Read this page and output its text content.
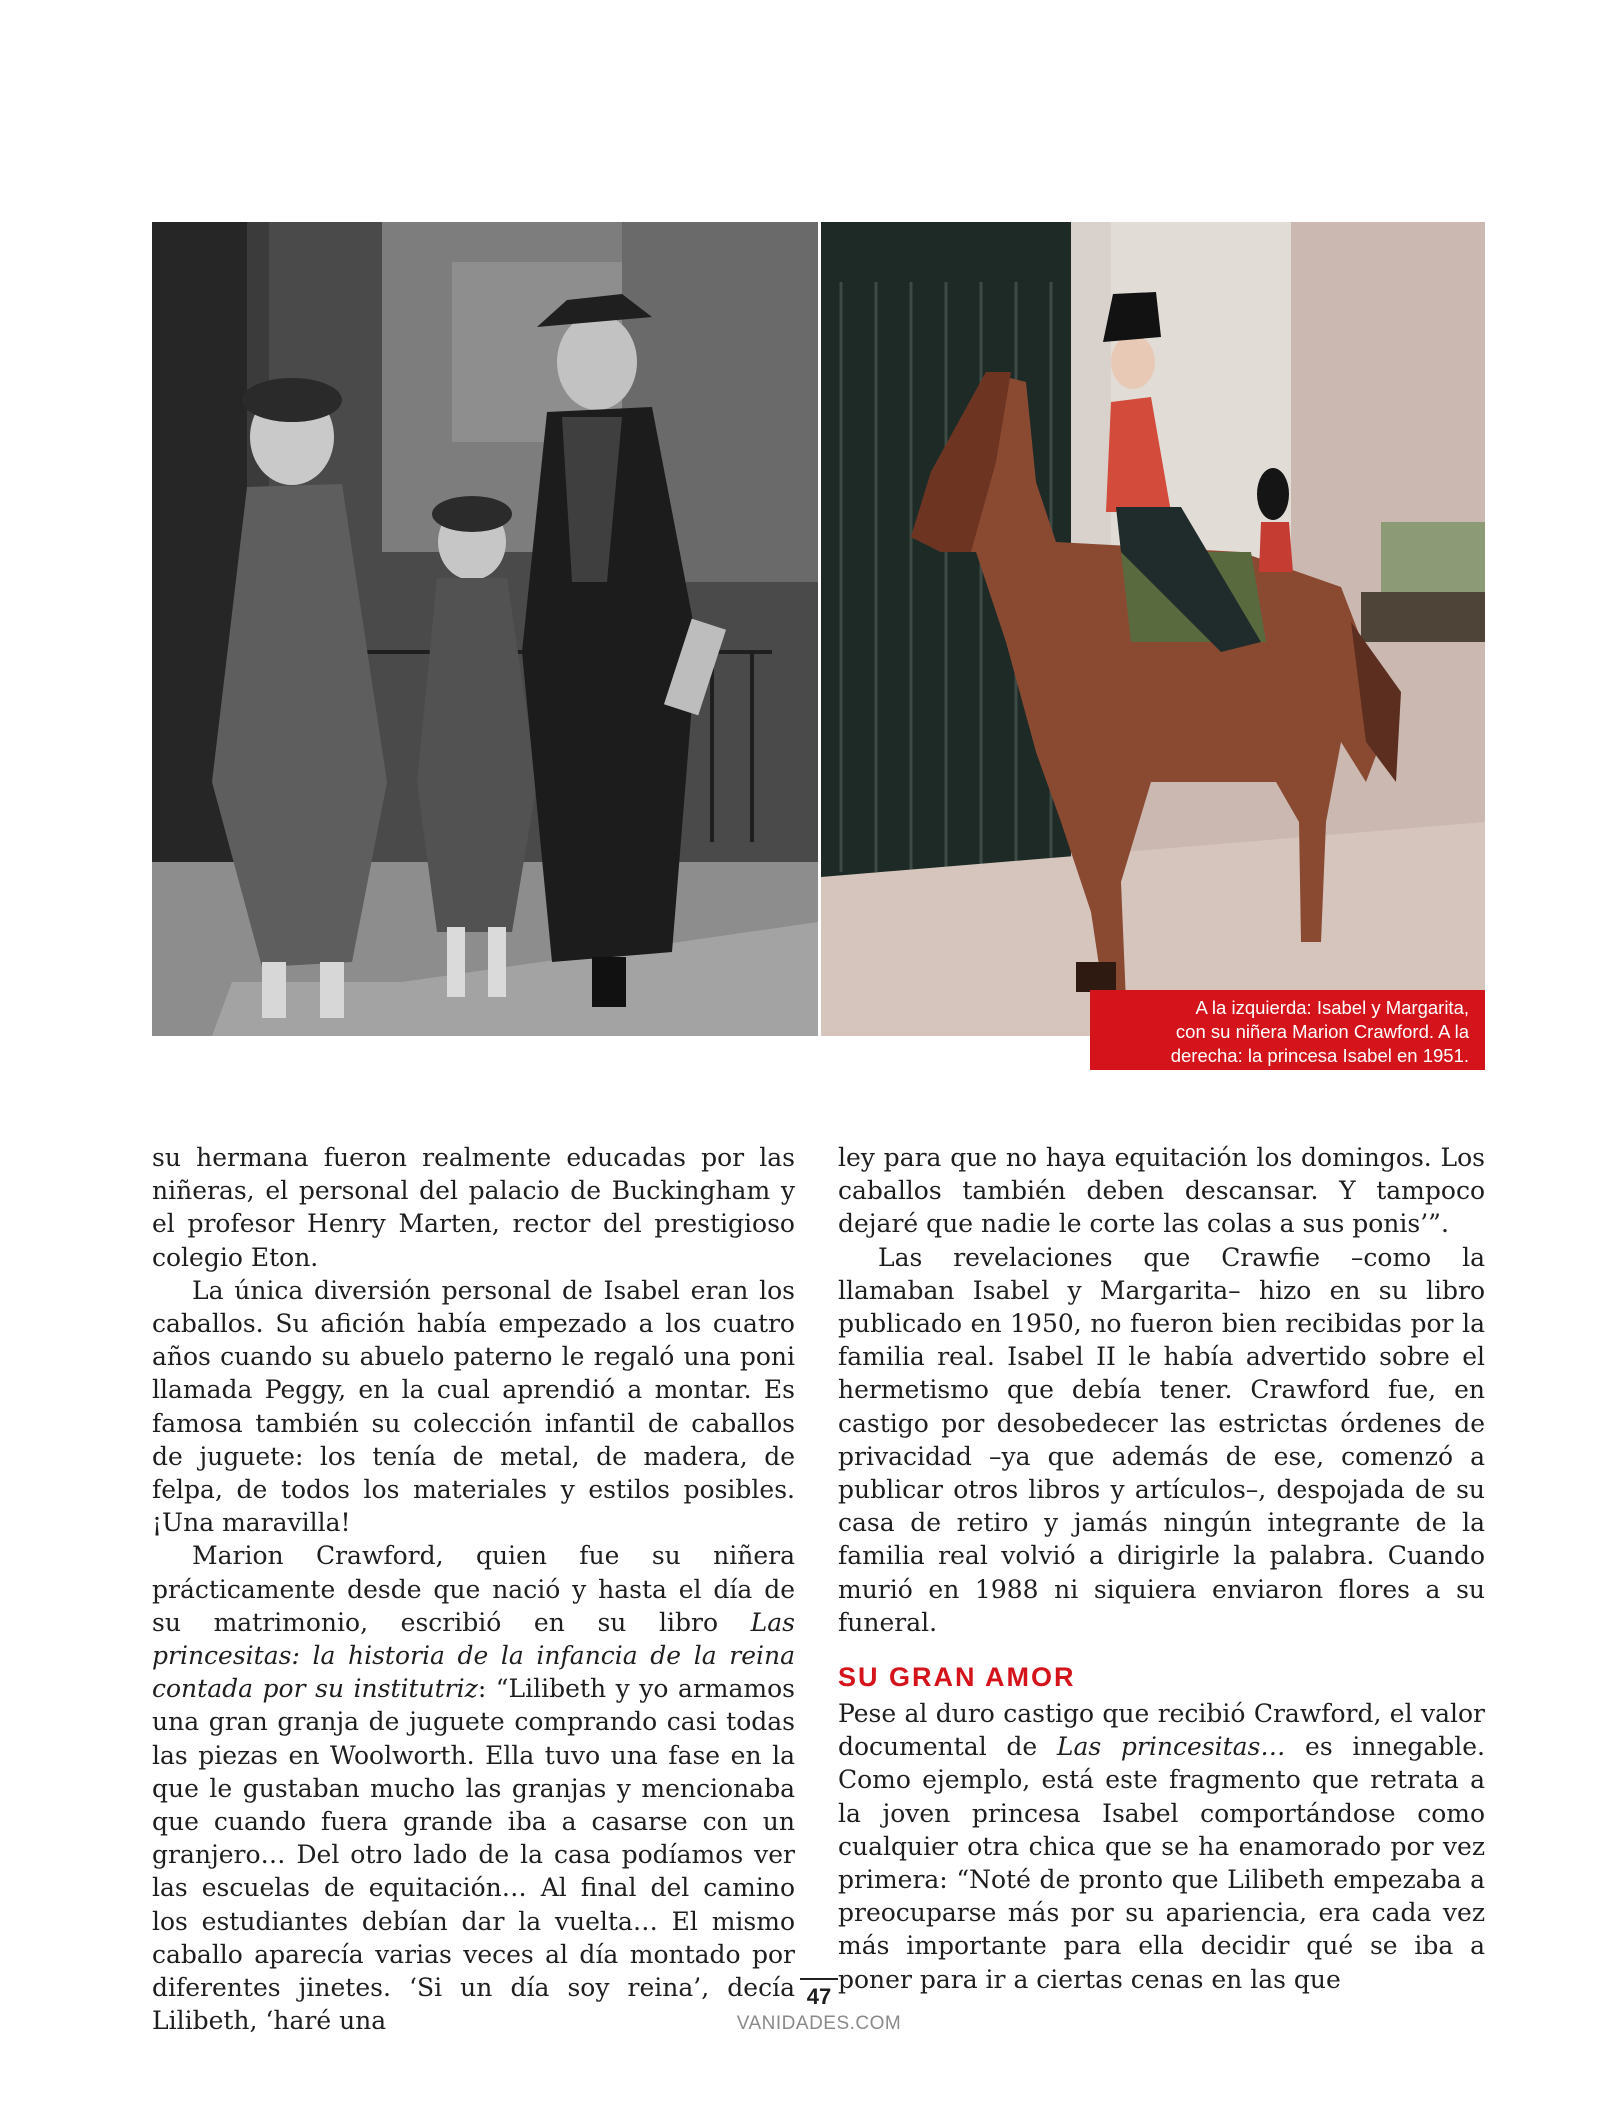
A la izquierda: Isabel y Margarita,
con su niñera Marion Crawford. A la
derecha: la princesa Isabel en 1951.

su hermana fueron realmente educadas por las niñeras, el personal del palacio de Buckingham y el profesor Henry Marten, rector del prestigioso colegio Eton.

La única diversión personal de Isabel eran los caballos. Su afición había empezado a los cuatro años cuando su abuelo paterno le regaló una poni llamada Peggy, en la cual aprendió a montar. Es famosa también su colección infantil de caballos de juguete: los tenía de metal, de madera, de felpa, de todos los materiales y estilos posibles. ¡Una maravilla!

Marion Crawford, quien fue su niñera prácticamente desde que nació y hasta el día de su matrimonio, escribió en su libro Las princesitas: la historia de la infancia de la reina contada por su institutriz: “Lilibeth y yo armamos una gran granja de juguete comprando casi todas las piezas en Woolworth. Ella tuvo una fase en la que le gustaban mucho las granjas y mencionaba que cuando fuera grande iba a casarse con un granjero… Del otro lado de la casa podíamos ver las escuelas de equitación… Al final del camino los estudiantes debían dar la vuelta… El mismo caballo aparecía varias veces al día montado por diferentes jinetes. ‘Si un día soy reina’, decía Lilibeth, ‘haré una

ley para que no haya equitación los domingos. Los caballos también deben descansar. Y tampoco dejaré que nadie le corte las colas a sus ponis’”.

Las revelaciones que Crawfie –como la llamaban Isabel y Margarita– hizo en su libro publicado en 1950, no fueron bien recibidas por la familia real. Isabel II le había advertido sobre el hermetismo que debía tener. Crawford fue, en castigo por desobedecer las estrictas órdenes de privacidad –ya que además de ese, comenzó a publicar otros libros y artículos–, despojada de su casa de retiro y jamás ningún integrante de la familia real volvió a dirigirle la palabra. Cuando murió en 1988 ni siquiera enviaron flores a su funeral.

SU GRAN AMOR

Pese al duro castigo que recibió Crawford, el valor documental de Las princesitas… es innegable. Como ejemplo, está este fragmento que retrata a la joven princesa Isabel comportándose como cualquier otra chica que se ha enamorado por vez primera: “Noté de pronto que Lilibeth empezaba a preocuparse más por su apariencia, era cada vez más importante para ella decidir qué se iba a poner para ir a ciertas cenas en las que

47
VANIDADES.COM
